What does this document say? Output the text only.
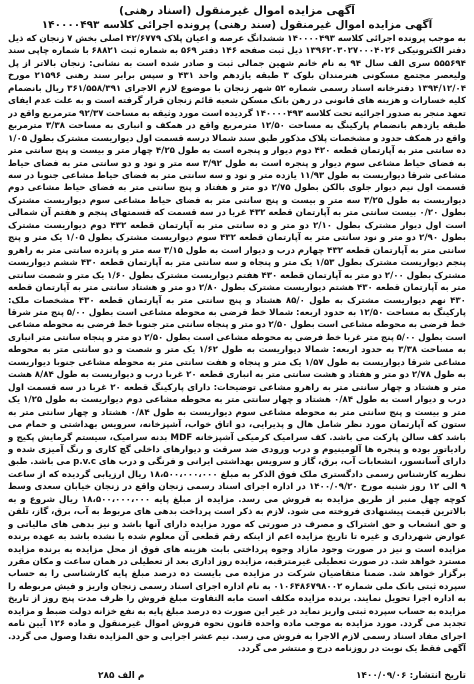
آگهی مزایده اموال غیرمنقول (اسناد رهنی)

آگهی مزایده اموال غیرمنقول (سند رهنی) پرونده اجرائی کلاسه ۱۴۰۰۰۰۴۹۳

به موجب پرونده اجرائی کلاسه ۱۴۰۰۰۰۴۹۳ ششدانگ عرصه و اعیان پلاک ۴۲/۶۷۷۹ اصلی بخش ۷ زنجان که ذیل دفتر الکترونیکی ۱۳۹۶۲۰۳۰۲۷۰۰۰۴۰۲۶ ذیل ثبت صفحه ۱۴۶ دفتر ۵۶۹ به شماره ثبت ۶۸۸۲۱ با شماره چاپی سند ۵۵۵۶۹۴ سری الف سال ۹۴ به نام خانم شهین جمالی ثبت و صادر شده است به نشانی: زنجان بالاتر از پل ولیعصر مجتمع مسکونی هنرمندان بلوک ۳ طبقه یازدهم واحد ۴۳۱ و سپس برابر سند رهنی ۲۱۵۹۶ مورخ ۱۳۹۴/۱۲/۰۴ دفترخانه اسناد رسمی شماره ۵۲ شهر زنجان با موضوع لازم الاجرای ۳۶۱/۵۵۸/۳۹۱ ریال بانضمام کلیه خسارات و هزینه های قانونی در رهن بانک مسکن شعبه قائم زنجان قرار گرفته است و به علت عدم ایفای تعهد منجر به صدور اجرائیه تحت کلاسه ۱۴۰۰۰۰۴۹۳ گردیده است مورد وثیقه به مساحت ۹۲/۳۷ مترمربع واقع در طبقه یازدهم بانضمام پارکینگ به مساحت ۱۲/۵۰ مترمربع واقع در همکف و انباری به مساحت ۳/۳۸ مترمربع واقع در همکف حدود و مشخصات پلاک مذکور طبق سند شمالا درسه قسمت اول دیواریست مشترک بطول ۱/۰۵ ده سانتی متر به آپارتمان قطعه ۴۲۰ دوم دیوار و پنجره است به طول ۴/۲۵ چهار متر و بیست و پنج سانتی متر به فضای حیاط مشاعی سوم دیوار و پنجره است به طول ۳/۹۲ سه متر و نود و دو سانتی متر به فضای حیاط مشاعی شرقا دیواریست به طول ۱۱/۹۳ یازده متر و نود و سه سانتی متر به فضای حیاط مشاعی جنوبا در سه قسمت اول نیم دیوار جلوی بالکن بطول ۲/۷۵ دو متر و هفتاد و پنج سانتی متر به فضای حیاط مشاعی دوم دیواریست به طول ۳/۲۵ سه متر و بیست و پنج سانتی متر به فضای حیاط مشاعی سوم دیواریست مشترک بطول ۰/۲۰ بیست سانتی متر به آپارتمان قطعه ۴۳۲ غربا در سه قسمت که قسمتهای پنجم و هفتم آن شمالی است اول دیوار مشترک بطول ۲/۱۰ دو متر و ده سانتی متر به آپارتمان قطعه ۴۳۲ دوم دیواریست مشترک بطول ۲/۹۰ دو متر و نود سانتی متر به آپارتمان قطعه ۴۳۲ سوم دیواریست مشترک بطول ۱/۰۵ یک متر و پنج سانتی متر به آپارتمان قطعه ۴۳۲ چهارم درب و دیوار است به طول ۳/۱۵ سه متر و پانزده سانتی متر به راهرو پنجم دیواریست مشترک بطول ۱/۵۳ یک متر و پنجاه و سه سانتی متر به آپارتمان قطعه ۴۳۰ ششم دیواریست مشترک بطول ۲/۰۰ دو متر به آپارتمان قطعه ۴۳۰ هفتم دیواریست مشترک بطول ۱/۶۰ یک متر و شصت سانتی متر به آپارتمان قطعه ۴۳۰ هشتم دیواریست مشترک بطول ۲/۸۰ دو متر و هشتاد سانتی متر به آپارتمان قطعه ۴۳۰ نهم دیواریست مشترک به طول ۸۵/۰ هشتاد و پنج سانتی متر به آپارتمان قطعه ۴۳۰ مشخصات ملک: پارکینگ به مساحت ۱۲/۵۰ به حدود اربعه: شمالا خط فرضی به محوطه مشاعی است بطول ۵/۰۰ پنج متر شرقا خط فرضی به محوطه مشاعی است بطول ۲/۵۰ دو متر و پنجاه سانتی متر جنوبا خط فرضی به محوطه مشاعی است بطول ۵/۰۰ پنج متر غربا خط فرضی به محوطه مشاعی است بطول ۲/۵۰ دو متر و پنجاه سانتی متر انباری به مساحت ۳/۳۸ به حدود اربعه: شمالا دیواریست به طول ۱/۶۲ یک متر و شصت و دو سانتی متر به محوطه مشاعی شرقا دیواریست به طول ۱/۵۷ یک متر و پنجاه و هفت سانتی متر به محوطه مشاعی جنوبا دیواریست به طول ۲/۷۸ دو متر و هفتاد و هشت سانتی متر به انباری قطعه ۲۰ غربا درب و دیواریست به طول ۸/۸۴ هشت متر و هشتاد و چهار سانتی متر به راهرو مشاعی توضیحات: دارای پارکینگ قطعه ۲۰ غربا در سه قسمت اول درب و دیوار است به طول ۰/۸۴ هشتاد و چهار سانتی متر به محوطه مشاعی دوم دیواریست به طول ۱/۲۵ یک متر و بیست و پنج سانتی متر به محوطه مشاعی سوم دیواریست به طول ۰/۸۴ هشتاد و چهار سانتی متر به ستون که آپارتمان مورد نظر شامل هال و پذیرایی، دو اتاق خواب، آشپزخانه، سرویس بهداشتی و حمام می باشد کف سالن پارکت می باشد. کف سرامیک کرمیکی آشپزخانه MDF بدنه سرامیک، سیستم گرمایش پکیج و رادیاتور بوده و پنجره ها آلومینیوم و درب ورودی ضد سرقت و دیوارهای داخلی گچ کاری و رنگ آمیزی شده و دارای آسانسور، انشعابات آب، برق، گاز و سرویس بهداشتی ایرانی و فرنگی و درب های p.v.c می باشد. طبق نظریه کارشناس رسمی دادگستری ملک فوق الذکر به مبلغ ۱۸،۵۰۰،۰۰۰،۰۰۰ ریال ارزیابی گردیده که از ساعت ۹ الی ۱۲ روز شنبه مورخ ۱۴۰۰/۰۹/۲۰ در اداره اجرای اسناد رسمی زنجان واقع در زنجان خیابان سعدی وسط کوچه چهل منبر از طریق مزایده به فروش می رسد. مزایده از مبلغ پایه ۱۸،۵۰۰،۰۰۰،۰۰۰ ریال شروع و به بالاترین قیمت پیشنهادی فروخته می شود. لازم به ذکر است پرداخت بدهی های مربوط به آب، برق، گاز، تلفن و حق انشعاب و حق اشتراک و مصرف در صورتی که مورد مزایده دارای آنها باشد و نیز بدهی های مالیاتی و عوارض شهرداری و غیره تا تاریخ مزایده اعم از اینکه رقم قطعی آن معلوم شده یا نشده باشد به عهده برنده مزایده است و نیز در صورت وجود مازاد وجوه پرداختی بابت هزینه های فوق از محل مزایده به برنده مزایده مسترد خواهد شد. در صورت تعطیلی غیرمترقبه، مزایده روز اداری بعد از تعطیلی در همان ساعت و مکان مقرر برگزار خواهد شد. ضمنا متقاضیان شرکت در مزایده می بایست ده درصد مبلغ پایه کارشناسی را به حساب سپرده ثبتی بانک ملی شماره ۰۱۰۶۴۸۶۷۹۸۰۰۲ به نام اداره اجرای اسناد رسمی زنجان واریز و فیش مربوطه را به اداره اجرا تحویل نمایند. برنده مزایده مکلف است مابه التفاوت مبلغ فروش را ظرف مدت پنج روز از تاریخ مزایده به حساب سپرده ثبتی واریز نماید در غیر این صورت ده درصد مبلغ پایه به نفع خزانه دولت ضبط و مزایده تجدید می گردد. مورد مزایده به موجب ماده واحده قانون نحوه فروش اموال غیرمنقول و ماده ۱۲۶ آیین نامه اجرای مفاد اسناد رسمی لازم الاجرا به فروش می رسد. نیم عشر اجرایی و حق المزایده نقدا وصول می گردد. آگهی فقط یک نوبت در روزنامه درج و منتشر می گردد.

تاریخ انتشار: ۱۴۰۰/۰۹/۰۶
م الف ۲۸۵
